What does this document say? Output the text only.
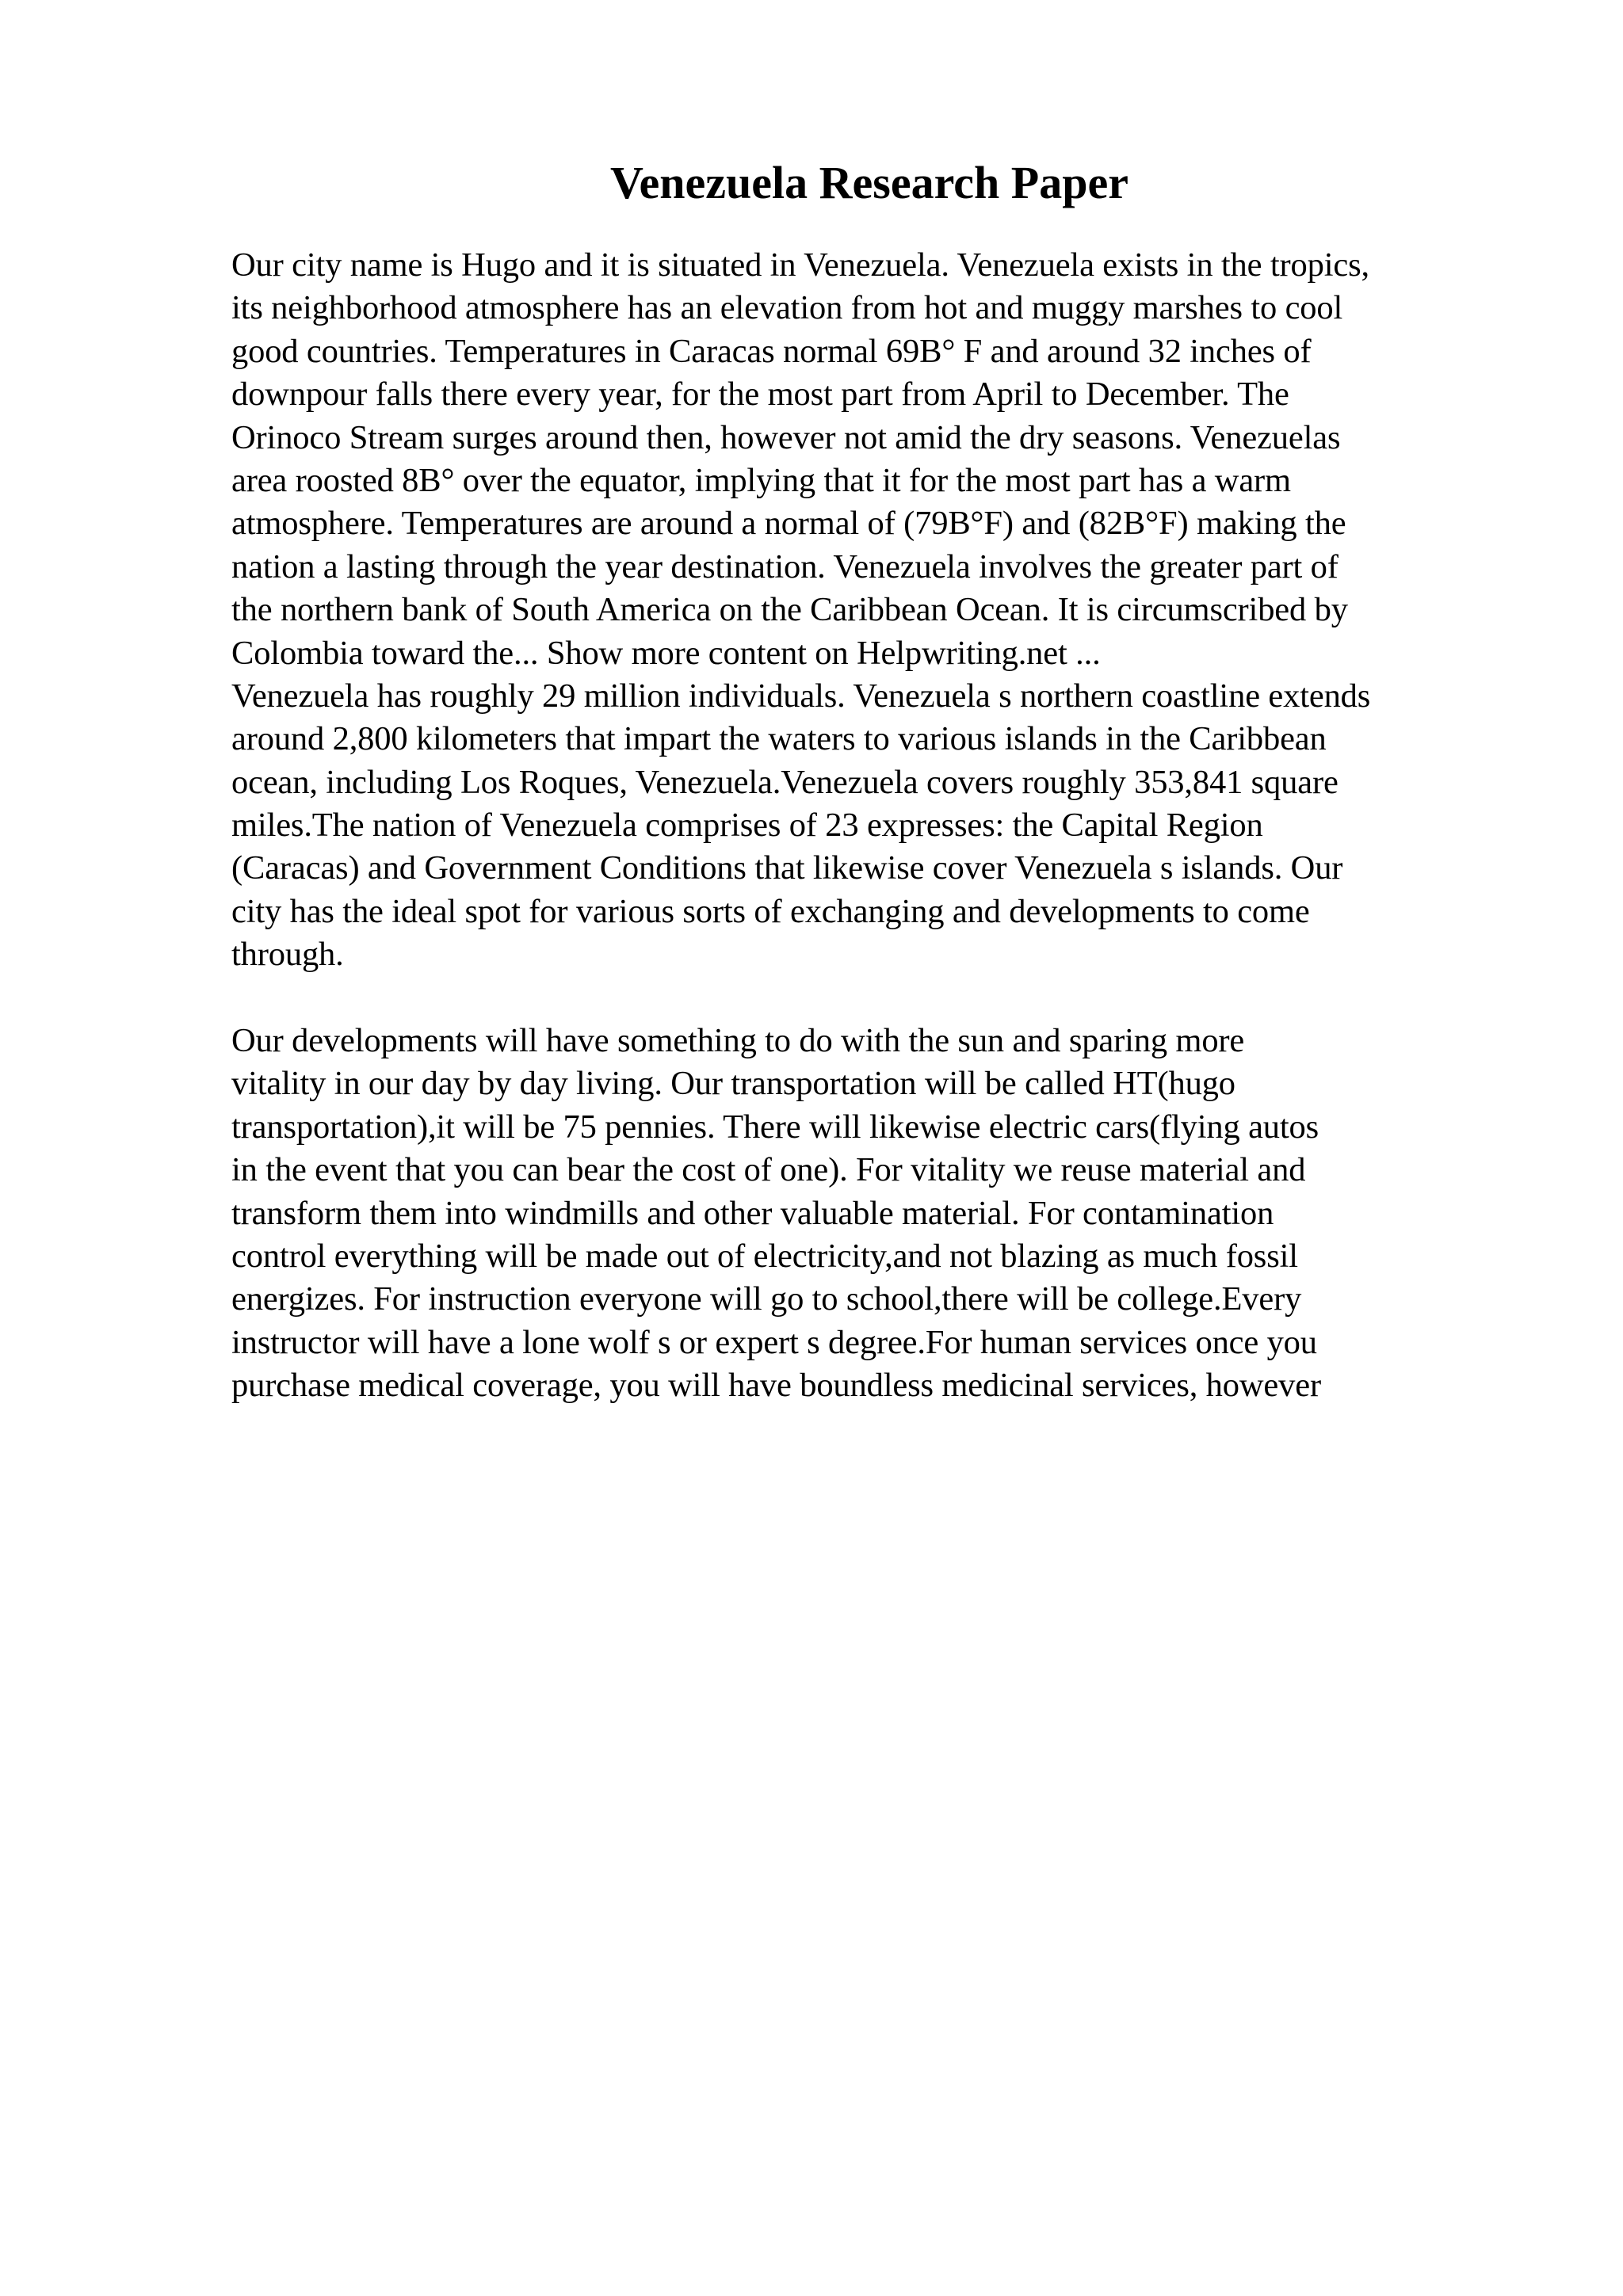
Venezuela Research Paper
Our city name is Hugo and it is situated in Venezuela. Venezuela exists in the tropics,
its neighborhood atmosphere has an elevation from hot and muggy marshes to cool
good countries. Temperatures in Caracas normal 69B° F and around 32 inches of
downpour falls there every year, for the most part from April to December. The
Orinoco Stream surges around then, however not amid the dry seasons. Venezuelas
area roosted 8B° over the equator, implying that it for the most part has a warm
atmosphere. Temperatures are around a normal of (79B°F) and (82B°F) making the
nation a lasting through the year destination. Venezuela involves the greater part of
the northern bank of South America on the Caribbean Ocean. It is circumscribed by
Colombia toward the... Show more content on Helpwriting.net ...
Venezuela has roughly 29 million individuals. Venezuela s northern coastline extends
around 2,800 kilometers that impart the waters to various islands in the Caribbean
ocean, including Los Roques, Venezuela.Venezuela covers roughly 353,841 square
miles.The nation of Venezuela comprises of 23 expresses: the Capital Region
(Caracas) and Government Conditions that likewise cover Venezuela s islands. Our
city has the ideal spot for various sorts of exchanging and developments to come
through.
Our developments will have something to do with the sun and sparing more
vitality in our day by day living. Our transportation will be called HT(hugo
transportation),it will be 75 pennies. There will likewise electric cars(flying autos
in the event that you can bear the cost of one). For vitality we reuse material and
transform them into windmills and other valuable material. For contamination
control everything will be made out of electricity,and not blazing as much fossil
energizes. For instruction everyone will go to school,there will be college.Every
instructor will have a lone wolf s or expert s degree.For human services once you
purchase medical coverage, you will have boundless medicinal services, however
